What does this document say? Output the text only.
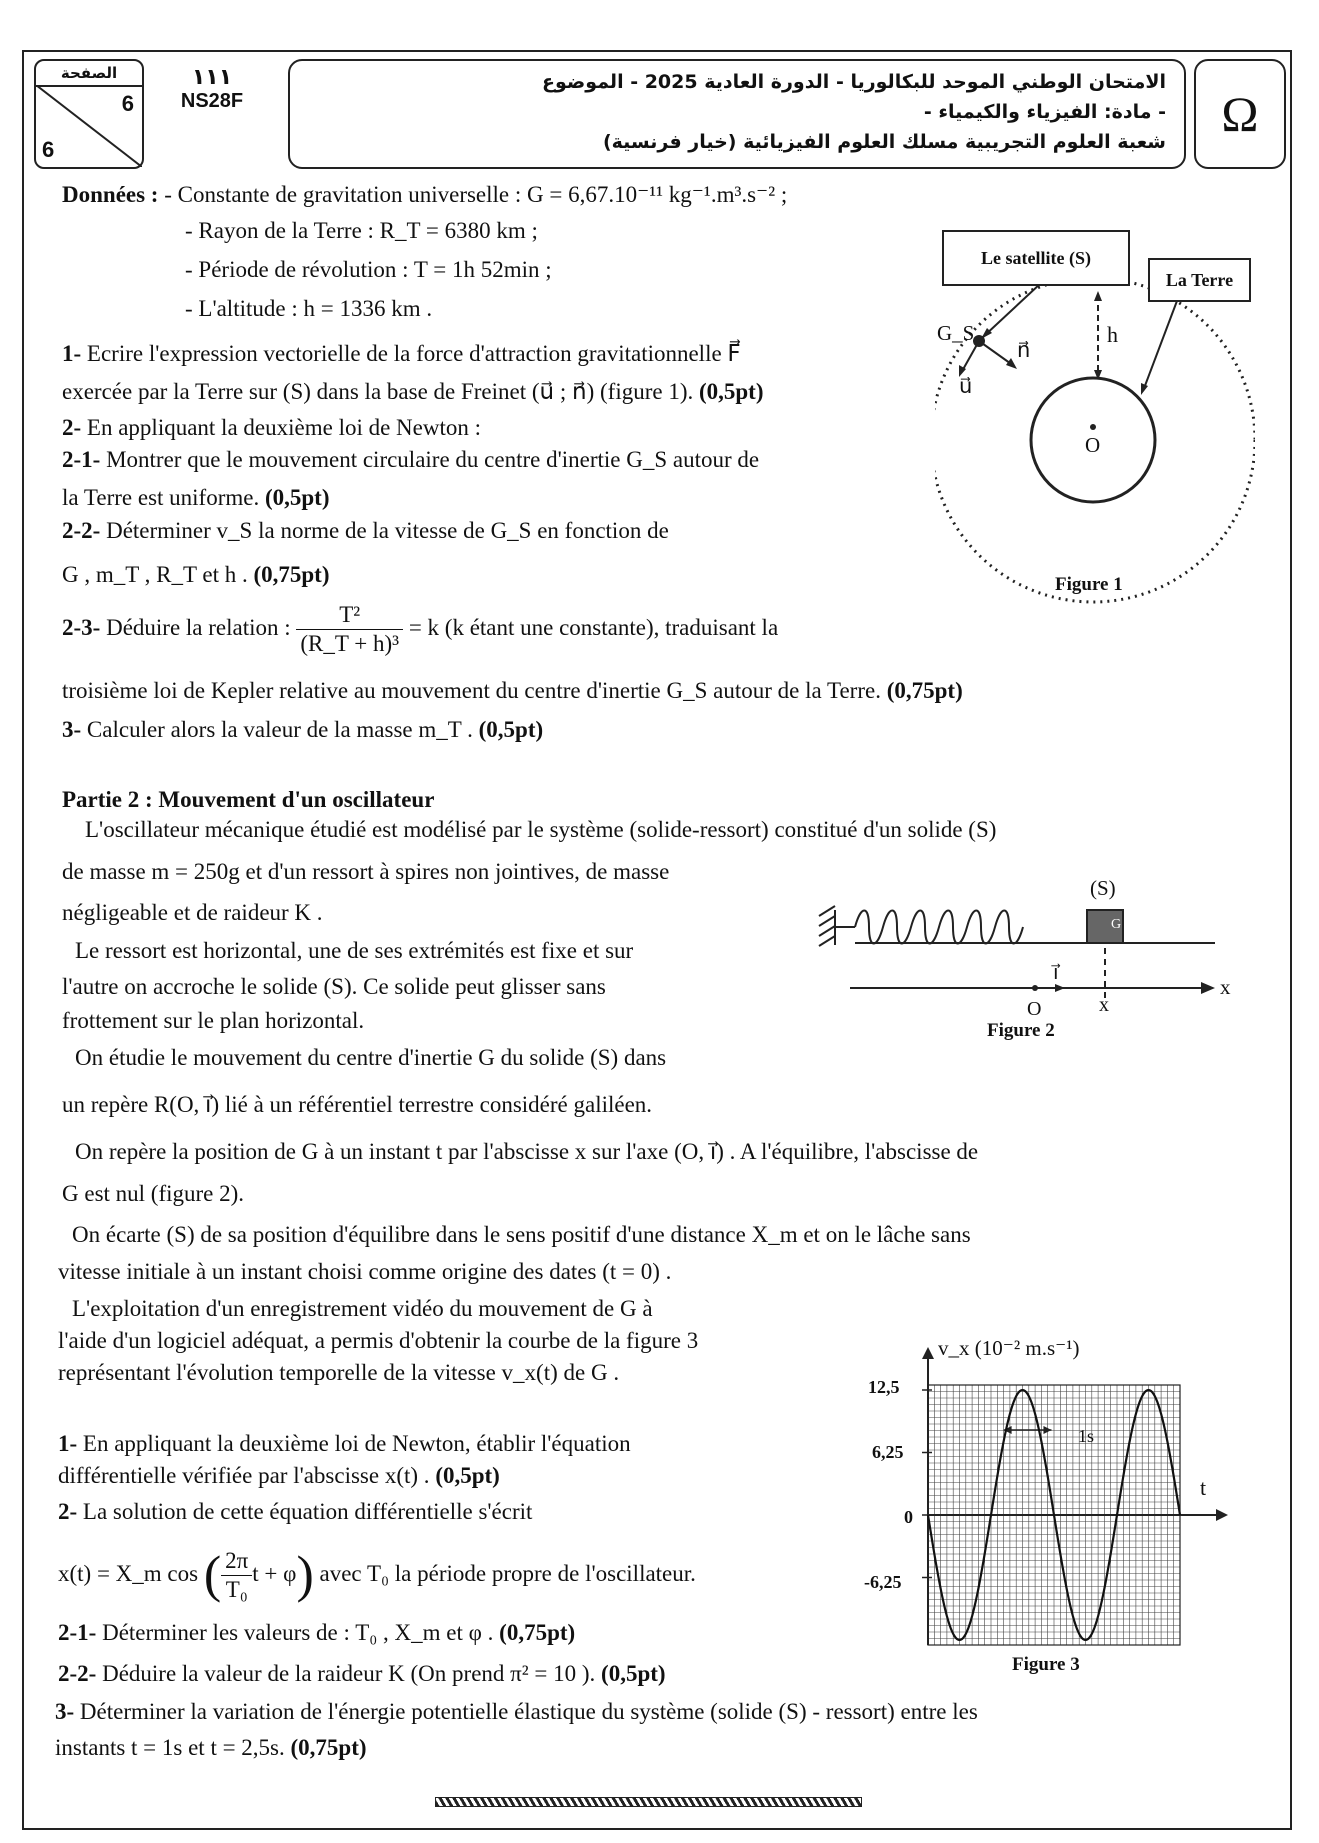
الصفحة
6
6
١١١
NS28F
الامتحان الوطني الموحد للبكالوريا - الدورة العادية 2025 - الموضوع
- مادة: الفيزياء والكيمياء -
شعبة العلوم التجريبية مسلك العلوم الفيزيائية (خيار فرنسية)	Ω
Données : - Constante de gravitation universelle : G = 6,67.10⁻¹¹ kg⁻¹.m³.s⁻² ;
- Rayon de la Terre : R_T = 6380 km ;
- Période de révolution : T = 1h 52min ;
- L'altitude : h = 1336 km .
1- Ecrire l'expression vectorielle de la force d'attraction gravitationnelle F⃗
exercée par la Terre sur (S) dans la base de Freinet (u⃗ ; n⃗) (figure 1). (0,5pt)
2- En appliquant la deuxième loi de Newton :
2-1- Montrer que le mouvement circulaire du centre d'inertie G_S autour de
la Terre est uniforme. (0,5pt)
2-2- Déterminer v_S la norme de la vitesse de G_S en fonction de
G , m_T , R_T et h . (0,75pt)
2-3- Déduire la relation : $\frac{\text{T²}}{\text{(R\_T + h)³}} = k$ (k étant une constante), traduisant la
troisième loi de Kepler relative au mouvement du centre d'inertie G_S autour de la Terre. (0,75pt)
3- Calculer alors la valeur de la masse m_T . (0,5pt)
Le satellite (S)
La Terre
G_S
n⃗
u⃗
h
O
Figure 1
Partie 2 : Mouvement d'un oscillateur
L'oscillateur mécanique étudié est modélisé par le système (solide-ressort) constitué d'un solide (S)
de masse m = 250g et d'un ressort à spires non jointives, de masse
négligeable et de raideur K .
Le ressort est horizontal, une de ses extrémités est fixe et sur
l'autre on accroche le solide (S). Ce solide peut glisser sans
frottement sur le plan horizontal.
On étudie le mouvement du centre d'inertie G du solide (S) dans
un repère R(O, i⃗) lié à un référentiel terrestre considéré galiléen.
On repère la position de G à un instant t par l'abscisse x sur l'axe (O, i⃗) . A l'équilibre, l'abscisse de
G est nul (figure 2).
On écarte (S) de sa position d'équilibre dans le sens positif d'une distance X_m et on le lâche sans
vitesse initiale à un instant choisi comme origine des dates (t = 0) .
L'exploitation d'un enregistrement vidéo du mouvement de G à
l'aide d'un logiciel adéquat, a permis d'obtenir la courbe de la figure 3
représentant l'évolution temporelle de la vitesse v_x(t) de G .
1- En appliquant la deuxième loi de Newton, établir l'équation
différentielle vérifiée par l'abscisse x(t) . (0,5pt)
2- La solution de cette équation différentielle s'écrit
x(t) = X_m cos ( $\frac{2\pi}{\text{T₀}}$ t + φ) avec T₀ la période propre de l'oscillateur.
2-1- Déterminer les valeurs de : T₀ , X_m et φ . (0,75pt)
2-2- Déduire la valeur de la raideur K (On prend π² = 10 ). (0,5pt)
3- Déterminer la variation de l'énergie potentielle élastique du système (solide (S) - ressort) entre les
instants t = 1s et t = 2,5s. (0,75pt)
(S)
G
i⃗
O
x
x
Figure 2
v_x (10⁻² m.s⁻¹)
t
12,5
6,25
0
-6,25
1s
Figure 3
